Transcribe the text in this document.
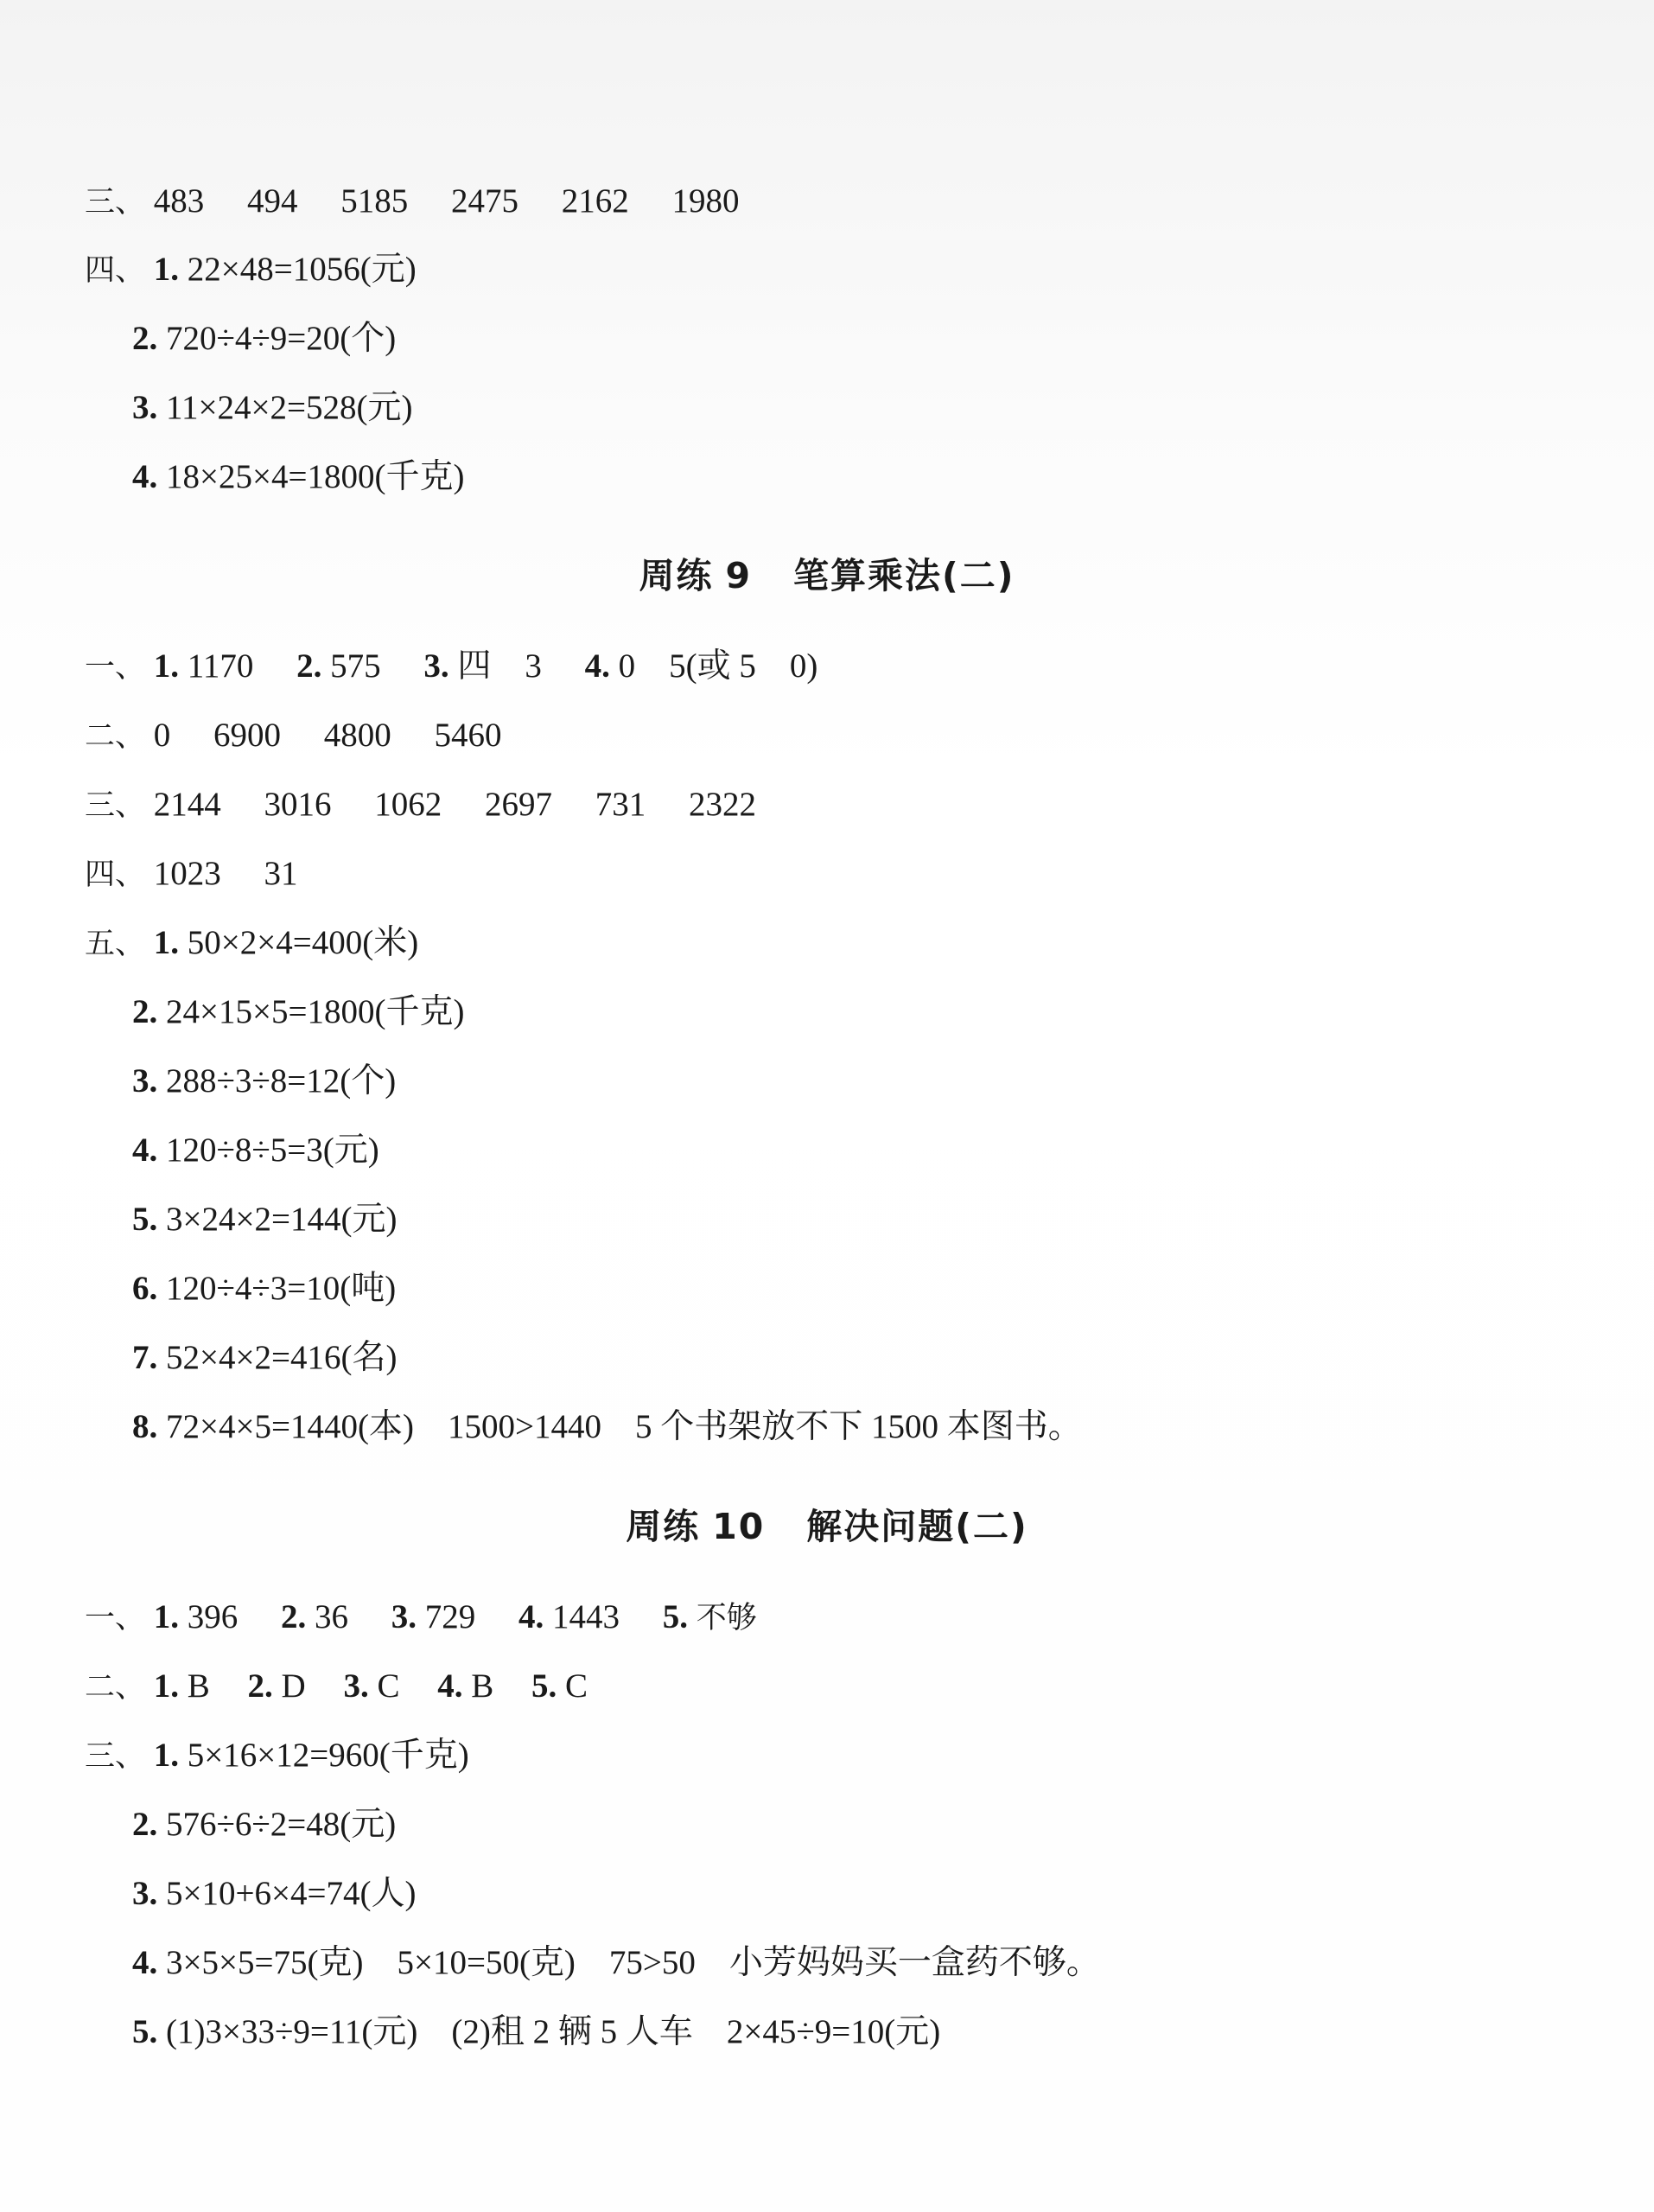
三、 483 494 5185 2475 2162 1980
四、 1. 22×48=1056(元)
2. 720÷4÷9=20(个)
3. 11×24×2=528(元)
4. 18×25×4=1800(千克)
周练 9 笔算乘法(二)
一、 1. 1170 2. 575 3. 四　3 4. 0　5(或 5　0)
二、 0 6900 4800 5460
三、 2144 3016 1062 2697 731 2322
四、 1023 31
五、 1. 50×2×4=400(米)
2. 24×15×5=1800(千克)
3. 288÷3÷8=12(个)
4. 120÷8÷5=3(元)
5. 3×24×2=144(元)
6. 120÷4÷3=10(吨)
7. 52×4×2=416(名)
8. 72×4×5=1440(本)　1500>1440　5 个书架放不下 1500 本图书。
周练 10 解决问题(二)
一、 1. 396 2. 36 3. 729 4. 1443 5. 不够
二、 1. B 2. D 3. C 4. B 5. C
三、 1. 5×16×12=960(千克)
2. 576÷6÷2=48(元)
3. 5×10+6×4=74(人)
4. 3×5×5=75(克)　5×10=50(克)　75>50　小芳妈妈买一盒药不够。
5. (1)3×33÷9=11(元)　(2)租 2 辆 5 人车　2×45÷9=10(元)
